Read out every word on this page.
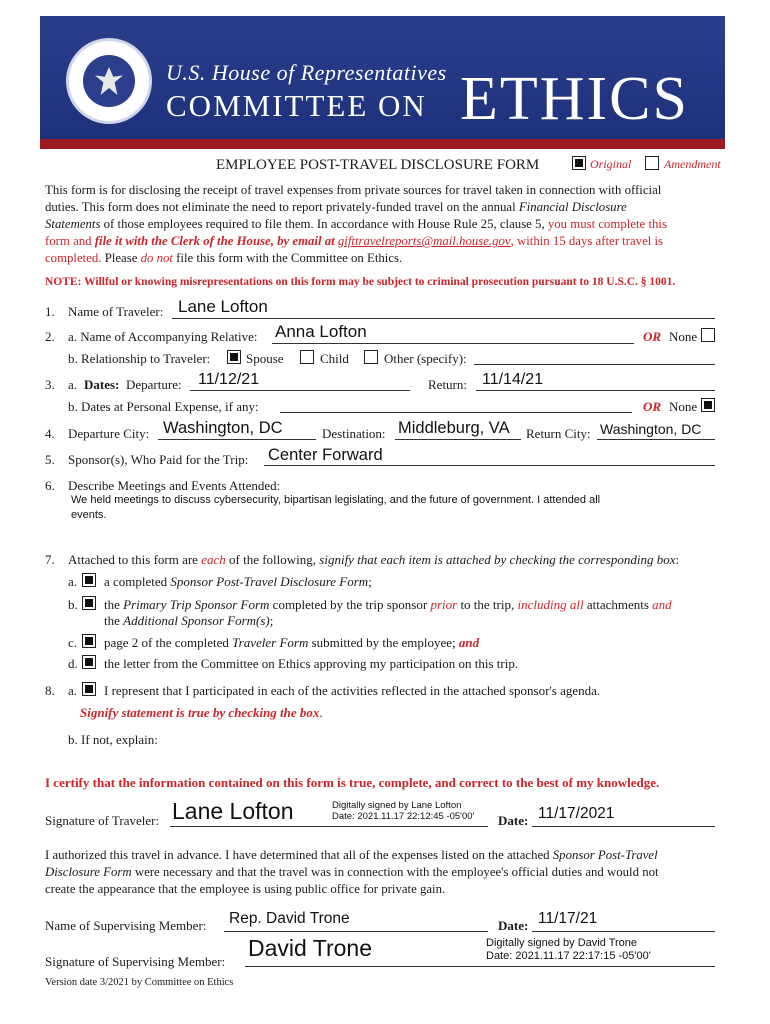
U.S. House of Representatives
COMMITTEE ON ETHICS
EMPLOYEE POST-TRAVEL DISCLOSURE FORM	Original	Amendment
This form is for disclosing the receipt of travel expenses from private sources for travel taken in connection with official
duties. This form does not eliminate the need to report privately-funded travel on the annual Financial Disclosure
Statements of those employees required to file them. In accordance with House Rule 25, clause 5, you must complete this
form and file it with the Clerk of the House, by email at gifttravelreports@mail.house.gov, within 15 days after travel is
completed. Please do not file this form with the Committee on Ethics.
NOTE: Willful or knowing misrepresentations on this form may be subject to criminal prosecution pursuant to 18 U.S.C. § 1001.
1. Name of Traveler: Lane Lofton
2. a. Name of Accompanying Relative: Anna Lofton	OR None
b. Relationship to Traveler:	Spouse	Child	Other (specify):
3. a. Dates: Departure: 11/12/21	Return: 11/14/21
b. Dates at Personal Expense, if any:	OR None
4. Departure City: Washington, DC	Destination: Middleburg, VA Return City: Washington, DC
5. Sponsor(s), Who Paid for the Trip: Center Forward
6. Describe Meetings and Events Attended:
We held meetings to discuss cybersecurity, bipartisan legislating, and the future of government. I attended all
events.
7. Attached to this form are each of the following, signify that each item is attached by checking the corresponding box:
a. a completed Sponsor Post-Travel Disclosure Form;
b. the Primary Trip Sponsor Form completed by the trip sponsor prior to the trip, including all attachments and
the Additional Sponsor Form(s);
c. page 2 of the completed Traveler Form submitted by the employee; and
d. the letter from the Committee on Ethics approving my participation on this trip.
8. a. I represent that I participated in each of the activities reflected in the attached sponsor's agenda.
Signify statement is true by checking the box.
b. If not, explain:
I certify that the information contained on this form is true, complete, and correct to the best of my knowledge.
Signature of Traveler: Lane Lofton	Digitally signed by Lane Lofton
Date: 2021.11.17 22:12:45 -05'00' Date: 11/17/2021
I authorized this travel in advance. I have determined that all of the expenses listed on the attached Sponsor Post-Travel
Disclosure Form were necessary and that the travel was in connection with the employee's official duties and would not
create the appearance that the employee is using public office for private gain.
Name of Supervising Member: Rep. David Trone	Date: 11/17/21
Signature of Supervising Member:
David Trone	Digitally signed by David Trone
Date: 2021.11.17 22:17:15 -05'00'
Version date 3/2021 by Committee on Ethics
